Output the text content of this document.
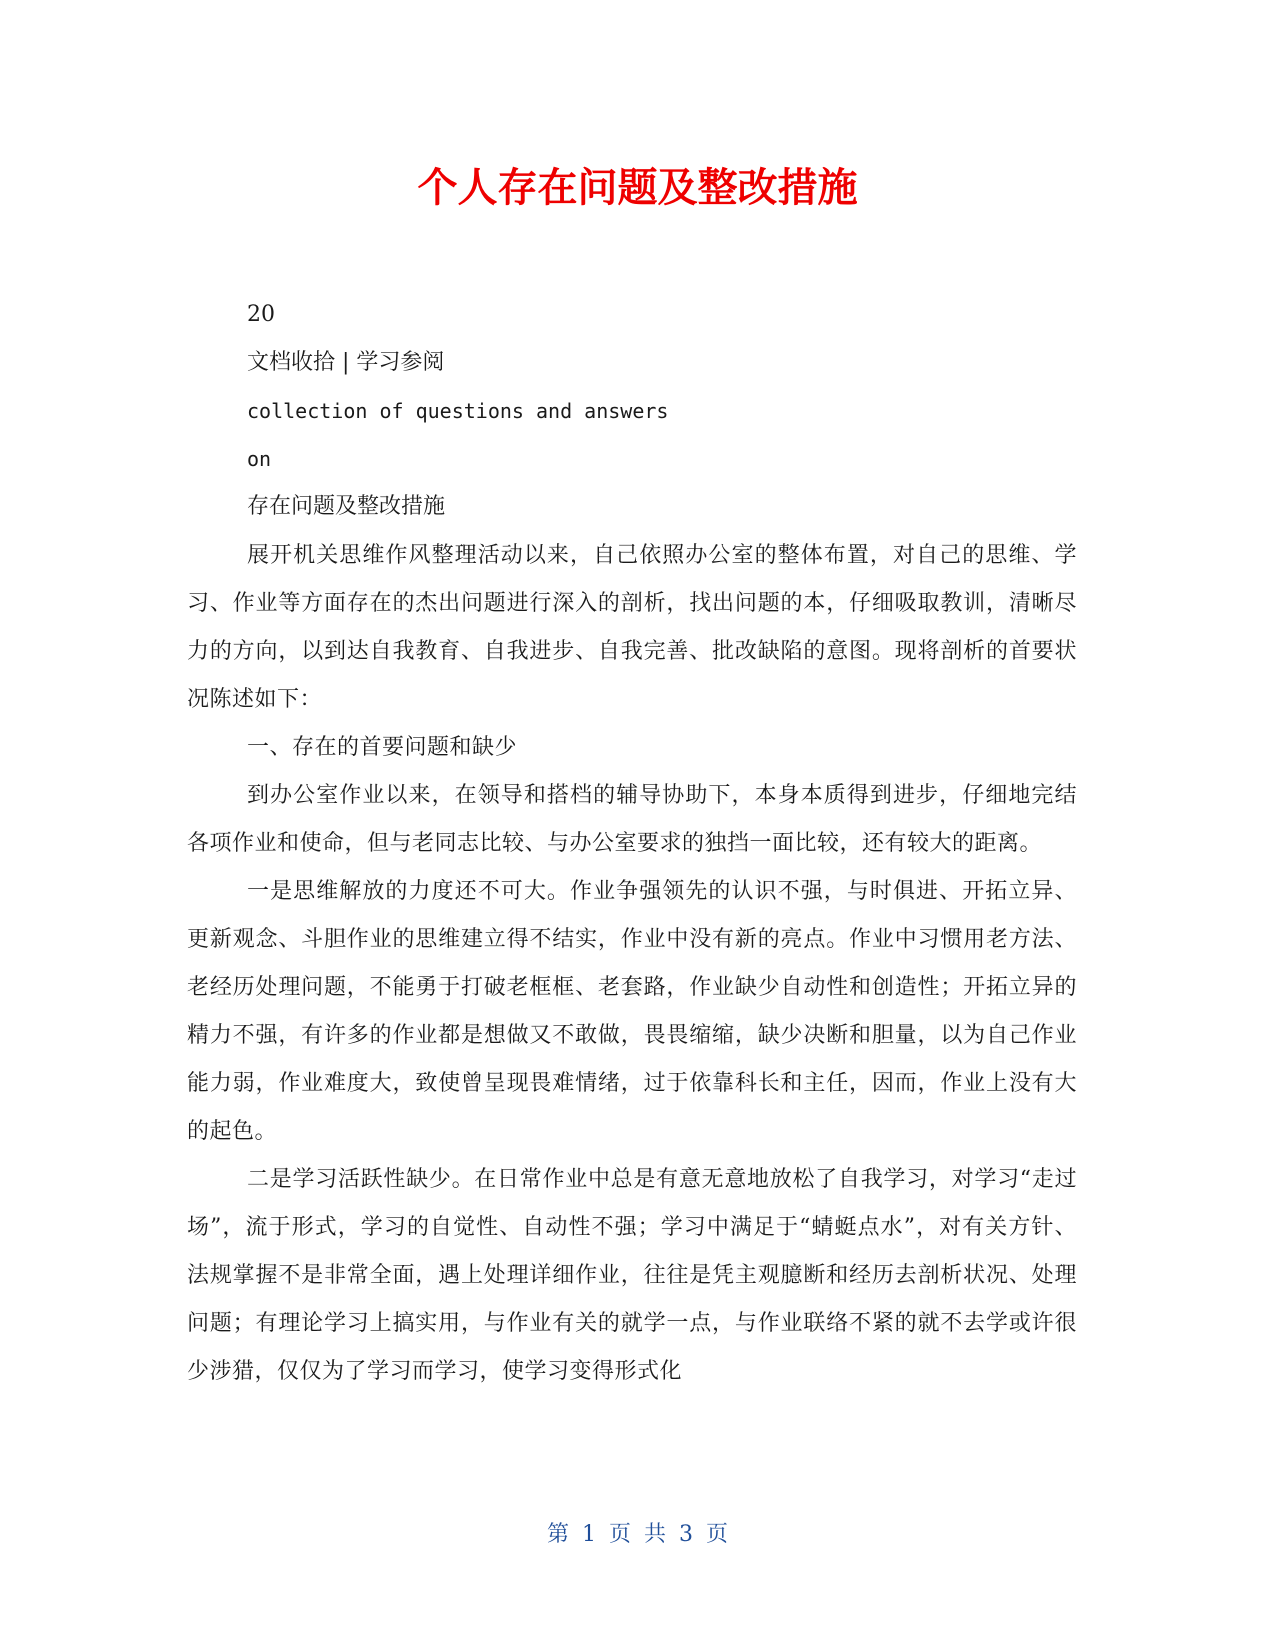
个人存在问题及整改措施

20

文档收拾 | 学习参阅

collection of questions and answers

on

存在问题及整改措施

展开机关思维作风整理活动以来，自己依照办公室的整体布置，对自己的思维、学习、作业等方面存在的杰出问题进行深入的剖析，找出问题的本，仔细吸取教训，清晰尽力的方向，以到达自我教育、自我进步、自我完善、批改缺陷的意图。现将剖析的首要状况陈述如下：

一、存在的首要问题和缺少

到办公室作业以来，在领导和搭档的辅导协助下，本身本质得到进步，仔细地完结各项作业和使命，但与老同志比较、与办公室要求的独挡一面比较，还有较大的距离。

一是思维解放的力度还不可大。作业争强领先的认识不强，与时俱进、开拓立异、更新观念、斗胆作业的思维建立得不结实，作业中没有新的亮点。作业中习惯用老方法、老经历处理问题，不能勇于打破老框框、老套路，作业缺少自动性和创造性；开拓立异的精力不强，有许多的作业都是想做又不敢做，畏畏缩缩，缺少决断和胆量，以为自己作业能力弱，作业难度大，致使曾呈现畏难情绪，过于依靠科长和主任，因而，作业上没有大的起色。

二是学习活跃性缺少。在日常作业中总是有意无意地放松了自我学习，对学习“走过场”，流于形式，学习的自觉性、自动性不强；学习中满足于“蜻蜓点水”，对有关方针、法规掌握不是非常全面，遇上处理详细作业，往往是凭主观臆断和经历去剖析状况、处理问题；有理论学习上搞实用，与作业有关的就学一点，与作业联络不紧的就不去学或许很少涉猎，仅仅为了学习而学习，使学习变得形式化

第 1 页 共 3 页
